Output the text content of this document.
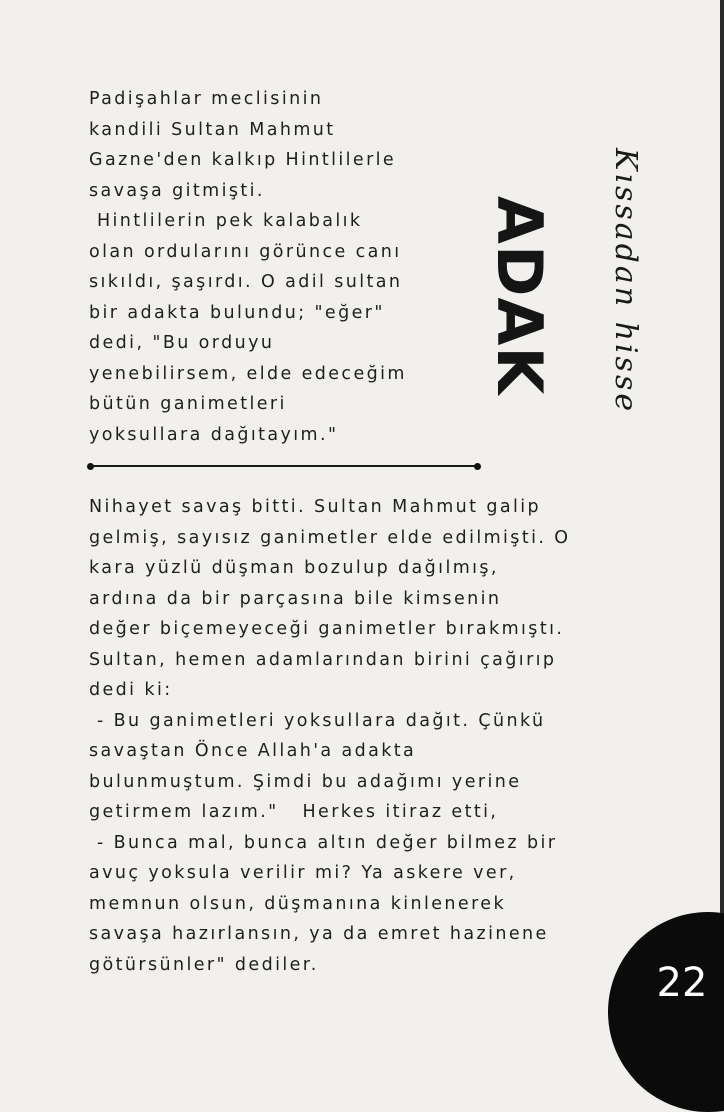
Padişahlar meclisinin
kandili Sultan Mahmut
Gazne'den kalkıp Hintlilerle
savaşa gitmişti.
Hintlilerin pek kalabalık
olan ordularını görünce canı
sıkıldı, şaşırdı. O adil sultan
bir adakta bulundu; "eğer"
dedi, "Bu orduyu
yenebilirsem, elde edeceğim
bütün ganimetleri
yoksullara dağıtayım."

ADAK Kıssadan hisse

Nihayet savaş bitti. Sultan Mahmut galip
gelmiş, sayısız ganimetler elde edilmişti. O
kara yüzlü düşman bozulup dağılmış,
ardına da bir parçasına bile kimsenin
değer biçemeyeceği ganimetler bırakmıştı.
Sultan, hemen adamlarından birini çağırıp
dedi ki:
- Bu ganimetleri yoksullara dağıt. Çünkü
savaştan Önce Allah'a adakta
bulunmuştum. Şimdi bu adağımı yerine
getirmem lazım."   Herkes itiraz etti,
- Bunca mal, bunca altın değer bilmez bir
avuç yoksula verilir mi? Ya askere ver,
memnun olsun, düşmanına kinlenerek
savaşa hazırlansın, ya da emret hazinene
götürsünler" dediler.	22
